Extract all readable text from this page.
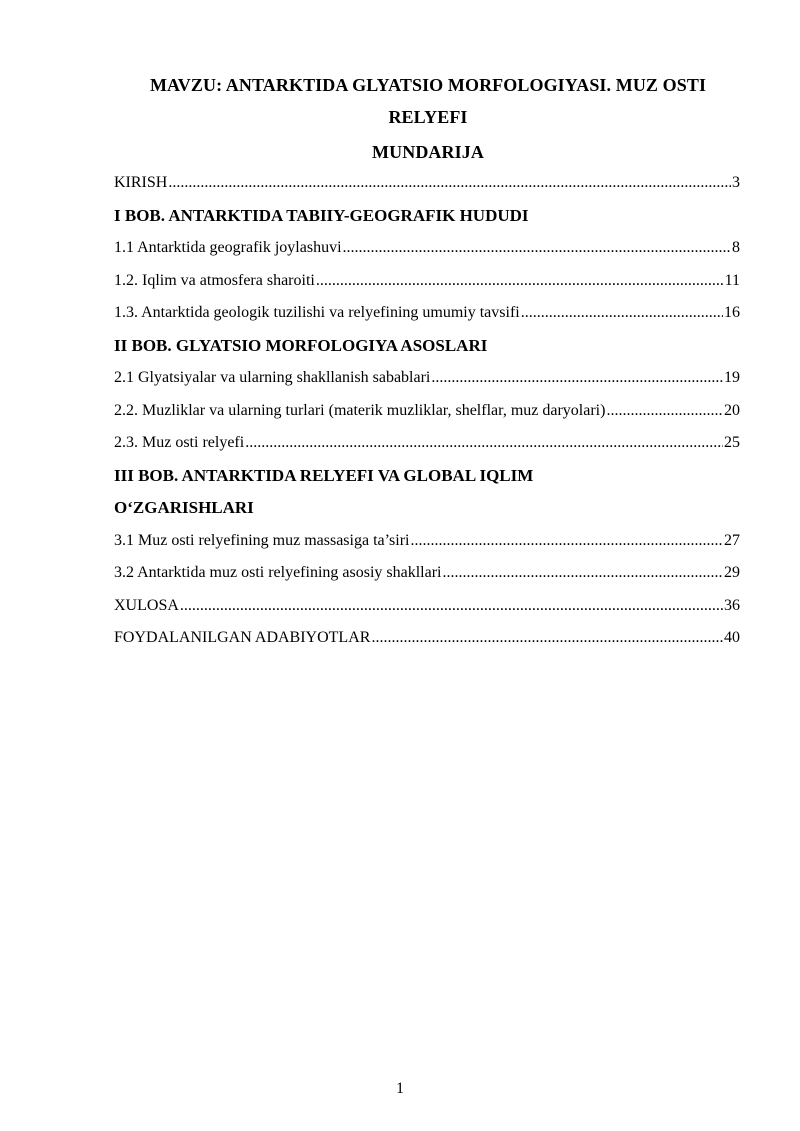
MAVZU: ANTARKTIDA GLYATSIO MORFOLOGIYASI. MUZ OSTI
RELYEFI
MUNDARIJA
KIRISH .....	3
I BOB. ANTARKTIDA TABIIY-GEOGRAFIK HUDUDI
1.1 Antarktida geografik joylashuvi .....	8
1.2. Iqlim va atmosfera sharoiti .....	11
1.3. Antarktida geologik tuzilishi va relyefining umumiy tavsifi .....	16
II BOB. GLYATSIO MORFOLOGIYA ASOSLARI
2.1 Glyatsiyalar va ularning shakllanish sabablari .....	19
2.2. Muzliklar va ularning turlari (materik muzliklar, shelflar, muz daryolari) .....	20
2.3. Muz osti relyefi .....	25
III BOB. ANTARKTIDA RELYEFI VA GLOBAL IQLIM
O‘ZGARISHLARI
3.1 Muz osti relyefining muz massasiga ta’siri .....	27
3.2 Antarktida muz osti relyefining asosiy shakllari .....	29
XULOSA .....	36
FOYDALANILGAN ADABIYOTLAR .....	40
1
